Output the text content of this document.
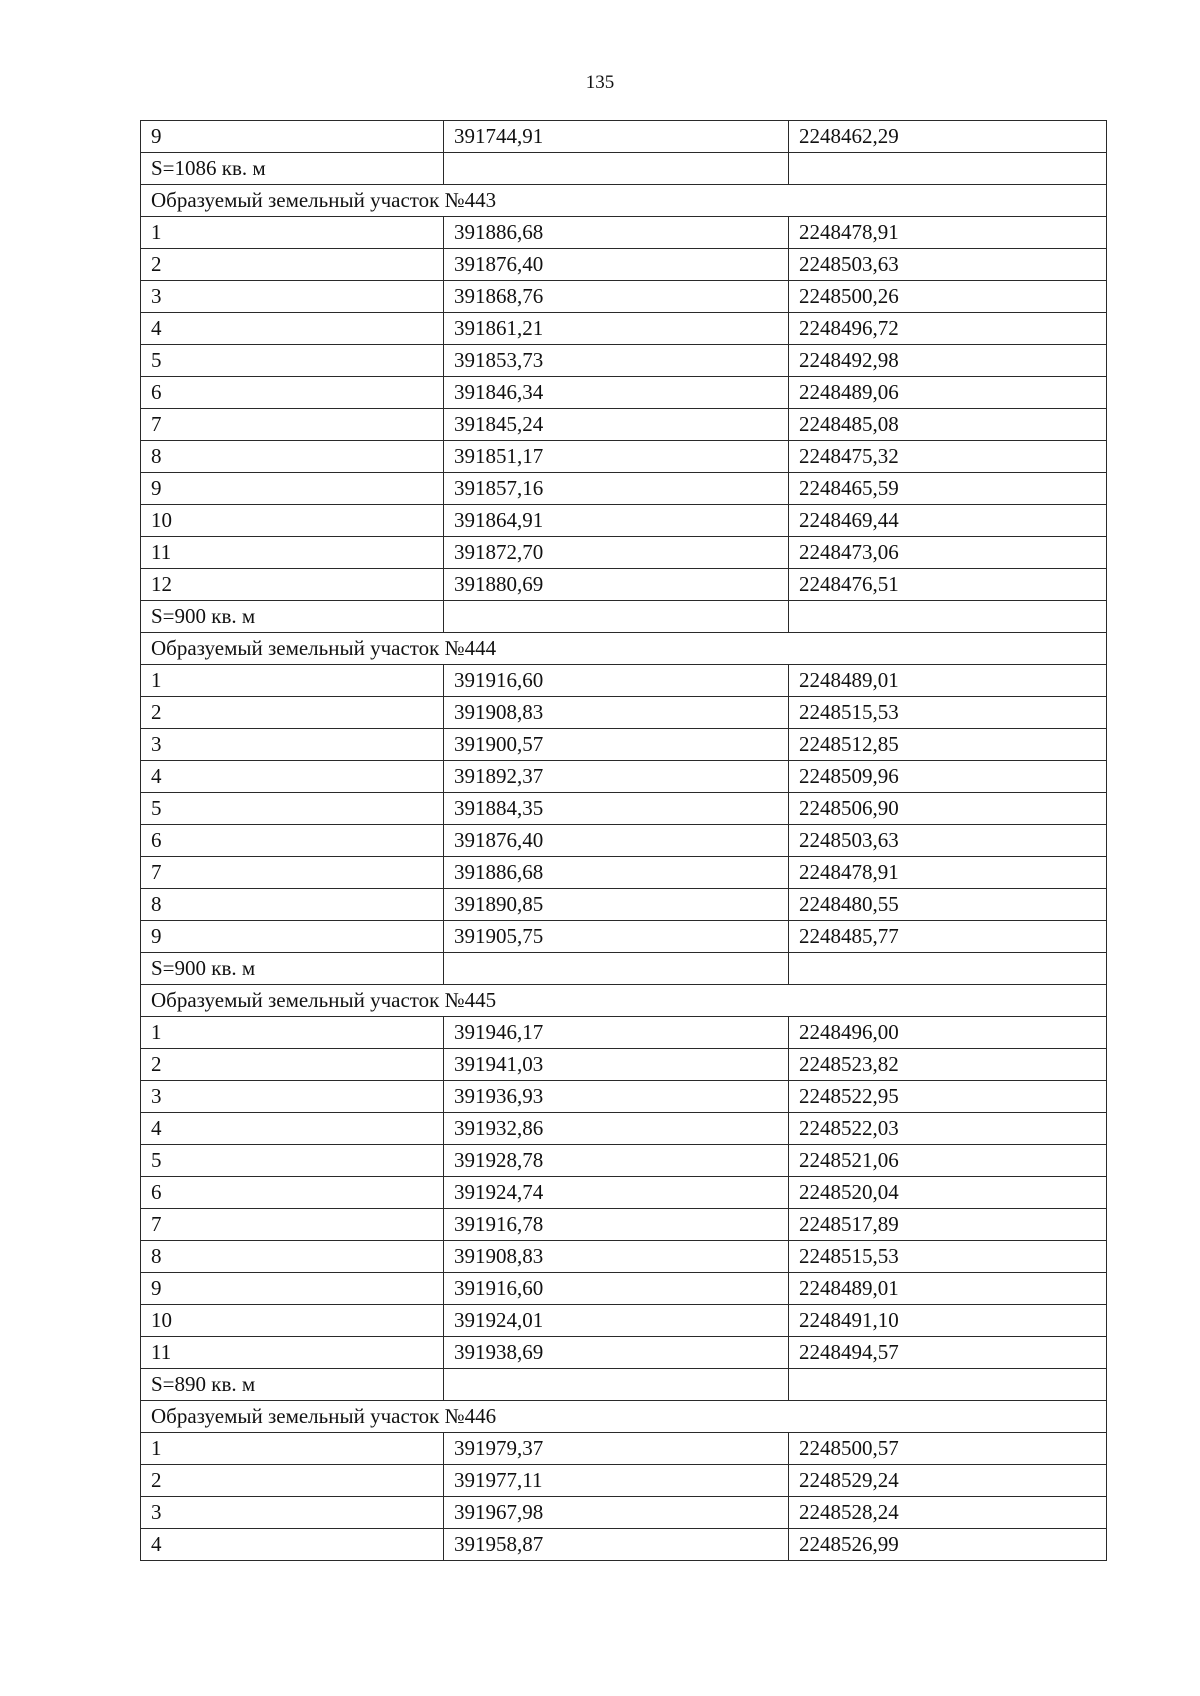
135
9	391744,91	2248462,29
S=1086 кв. м		
Образуемый земельный участок №443		
1	391886,68	2248478,91
2	391876,40	2248503,63
3	391868,76	2248500,26
4	391861,21	2248496,72
5	391853,73	2248492,98
6	391846,34	2248489,06
7	391845,24	2248485,08
8	391851,17	2248475,32
9	391857,16	2248465,59
10	391864,91	2248469,44
11	391872,70	2248473,06
12	391880,69	2248476,51
S=900 кв. м		
Образуемый земельный участок №444		
1	391916,60	2248489,01
2	391908,83	2248515,53
3	391900,57	2248512,85
4	391892,37	2248509,96
5	391884,35	2248506,90
6	391876,40	2248503,63
7	391886,68	2248478,91
8	391890,85	2248480,55
9	391905,75	2248485,77
S=900 кв. м		
Образуемый земельный участок №445		
1	391946,17	2248496,00
2	391941,03	2248523,82
3	391936,93	2248522,95
4	391932,86	2248522,03
5	391928,78	2248521,06
6	391924,74	2248520,04
7	391916,78	2248517,89
8	391908,83	2248515,53
9	391916,60	2248489,01
10	391924,01	2248491,10
11	391938,69	2248494,57
S=890 кв. м		
Образуемый земельный участок №446		
1	391979,37	2248500,57
2	391977,11	2248529,24
3	391967,98	2248528,24
4	391958,87	2248526,99
